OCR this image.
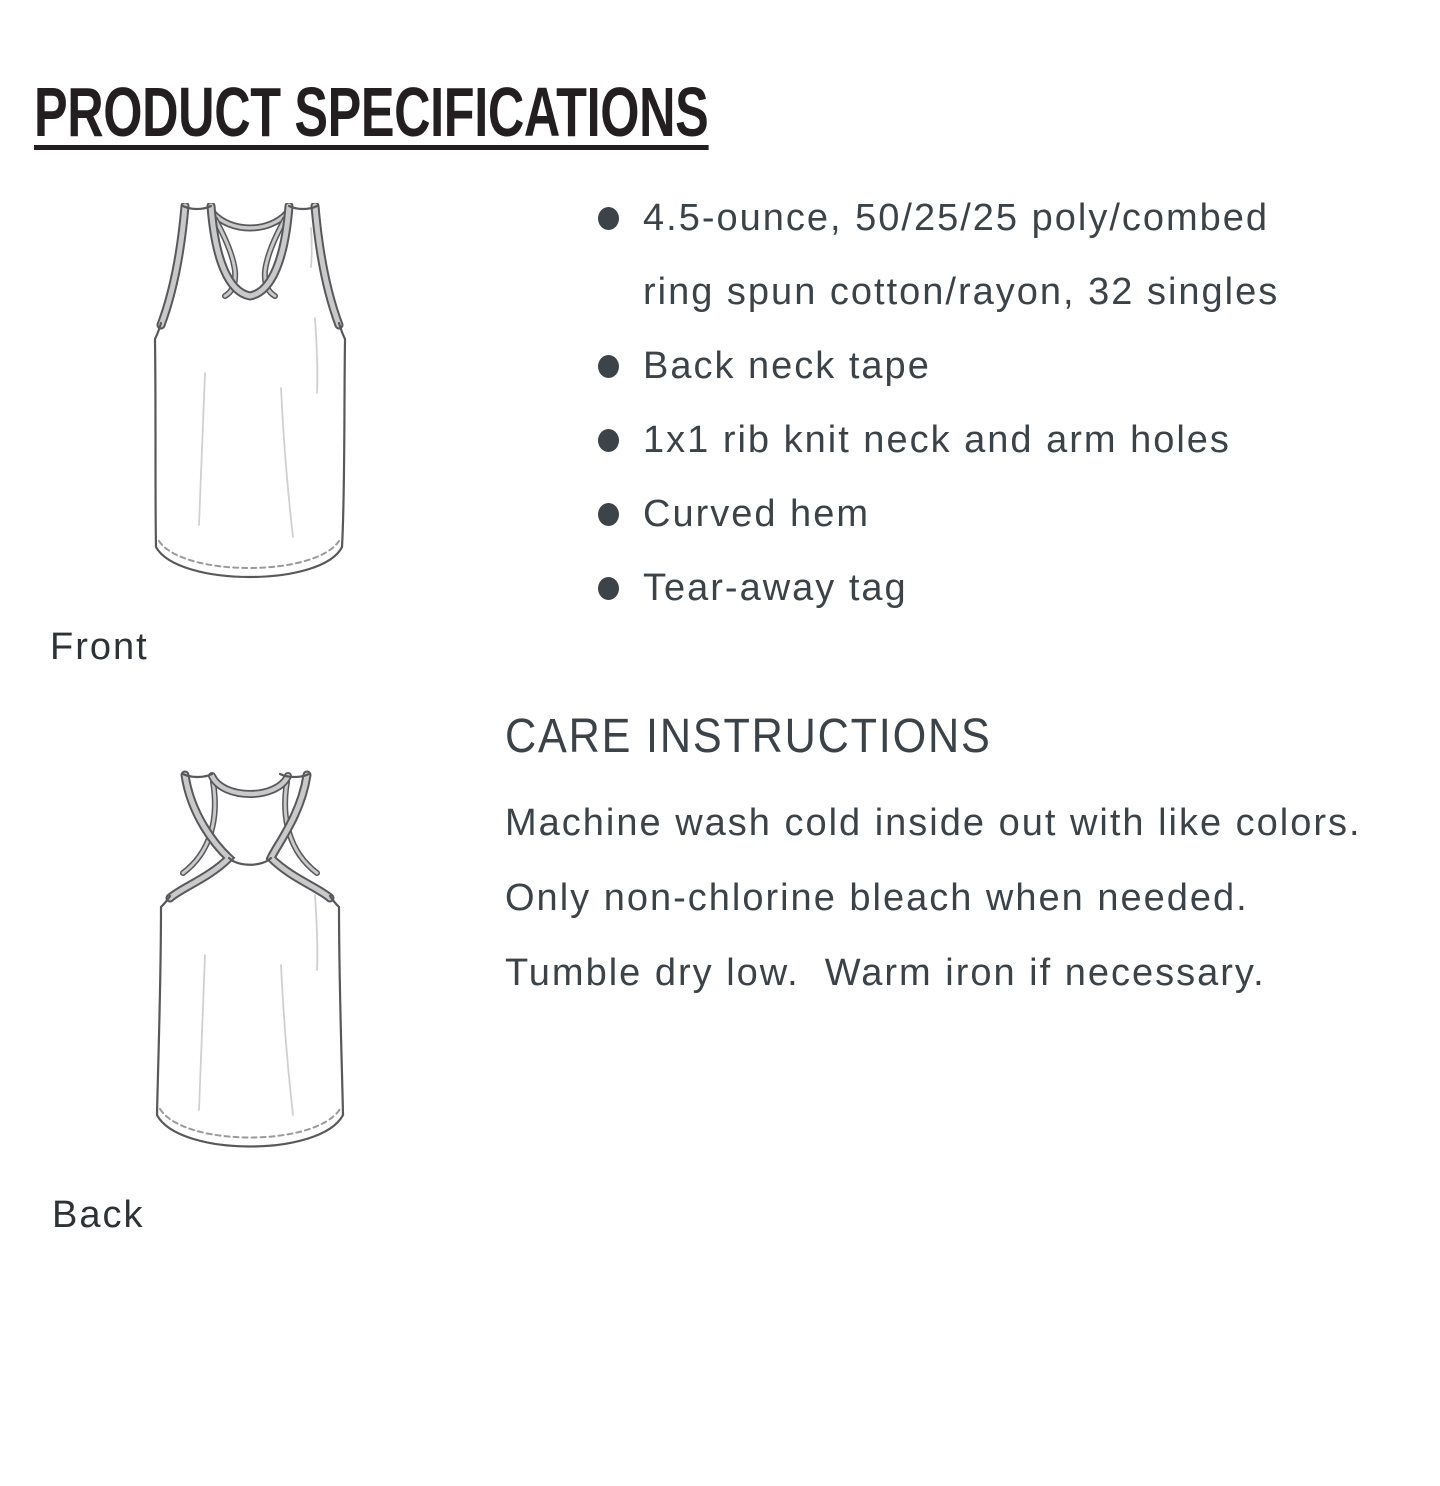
PRODUCT SPECIFICATIONS
Front
Back
4.5-ounce, 50/25/25 poly/combed ring spun cotton/rayon, 32 singles
Back neck tape
1x1 rib knit neck and arm holes
Curved hem
Tear-away tag
CARE INSTRUCTIONS

Machine wash cold inside out with like colors.

Only non-chlorine bleach when needed.

Tumble dry low.  Warm iron if necessary.
